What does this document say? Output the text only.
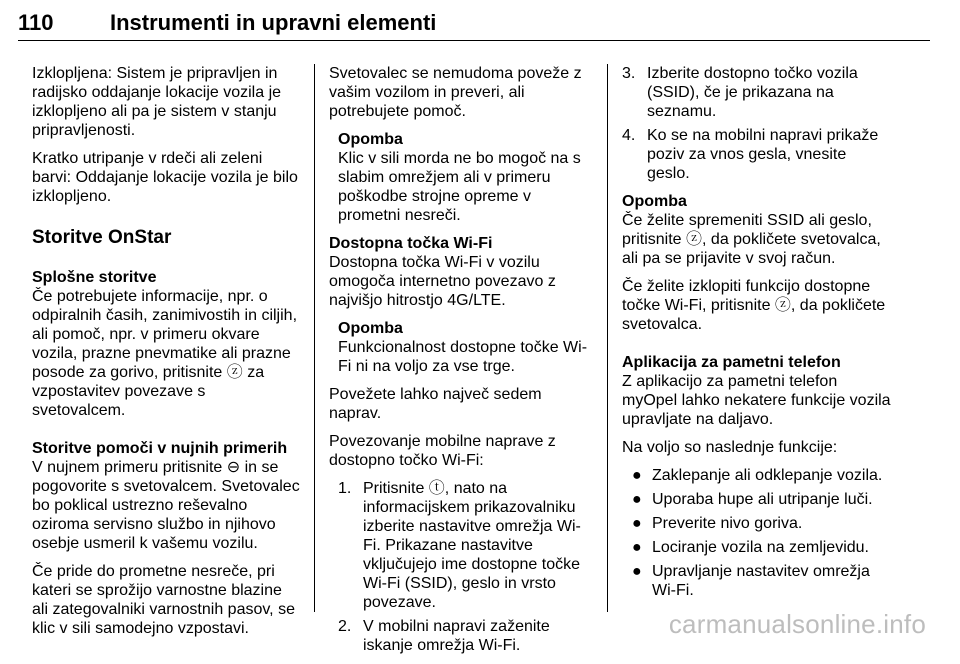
110	Instrumenti in upravni elementi

Izklopljena: Sistem je pripravljen in radijsko oddajanje lokacije vozila je izklopljeno ali pa je sistem v stanju pripravljenosti.

Kratko utripanje v rdeči ali zeleni barvi: Oddajanje lokacije vozila je bilo izklopljeno.

Storitve OnStar
Splošne storitve

Če potrebujete informacije, npr. o odpiralnih časih, zanimivostih in ciljih, ali pomoč, npr. v primeru okvare vozila, prazne pnevmatike ali prazne posode za gorivo, pritisnite ⓩ za vzpostavitev povezave s svetovalcem.

Storitve pomoči v nujnih primerih

V nujnem primeru pritisnite ⊖ in se pogovorite s svetovalcem. Svetovalec bo poklical ustrezno reševalno oziroma servisno službo in njihovo osebje usmeril k vašemu vozilu.

Če pride do prometne nesreče, pri kateri se sprožijo varnostne blazine ali zategovalniki varnostnih pasov, se klic v sili samodejno vzpostavi.

Svetovalec se nemudoma poveže z vašim vozilom in preveri, ali potrebujete pomoč.

Opomba
Klic v sili morda ne bo mogoč na s slabim omrežjem ali v primeru poškodbe strojne opreme v prometni nesreči.
Dostopna točka Wi-Fi

Dostopna točka Wi-Fi v vozilu omogoča internetno povezavo z najvišjo hitrostjo 4G/LTE.

Opomba
Funkcionalnost dostopne točke Wi-Fi ni na voljo za vse trge.

Povežete lahko največ sedem naprav.

Povezovanje mobilne naprave z dostopno točko Wi-Fi:

1. Pritisnite ⓣ, nato na informacijskem prikazovalniku izberite nastavitve omrežja Wi-Fi. Prikazane nastavitve vključujejo ime dostopne točke Wi-Fi (SSID), geslo in vrsto povezave.
2. V mobilni napravi zaženite iskanje omrežja Wi-Fi.
3. Izberite dostopno točko vozila (SSID), če je prikazana na seznamu.
4. Ko se na mobilni napravi prikaže poziv za vnos gesla, vnesite geslo.
Opomba
Če želite spremeniti SSID ali geslo, pritisnite ⓩ, da pokličete svetovalca, ali pa se prijavite v svoj račun.

Če želite izklopiti funkcijo dostopne točke Wi-Fi, pritisnite ⓩ, da pokličete svetovalca.

Aplikacija za pametni telefon

Z aplikacijo za pametni telefon myOpel lahko nekatere funkcije vozila upravljate na daljavo.

Na voljo so naslednje funkcije:

● Zaklepanje ali odklepanje vozila.
● Uporaba hupe ali utripanje luči.
● Preverite nivo goriva.
● Lociranje vozila na zemljevidu.
● Upravljanje nastavitev omrežja Wi-Fi.
carmanualsonline.info
